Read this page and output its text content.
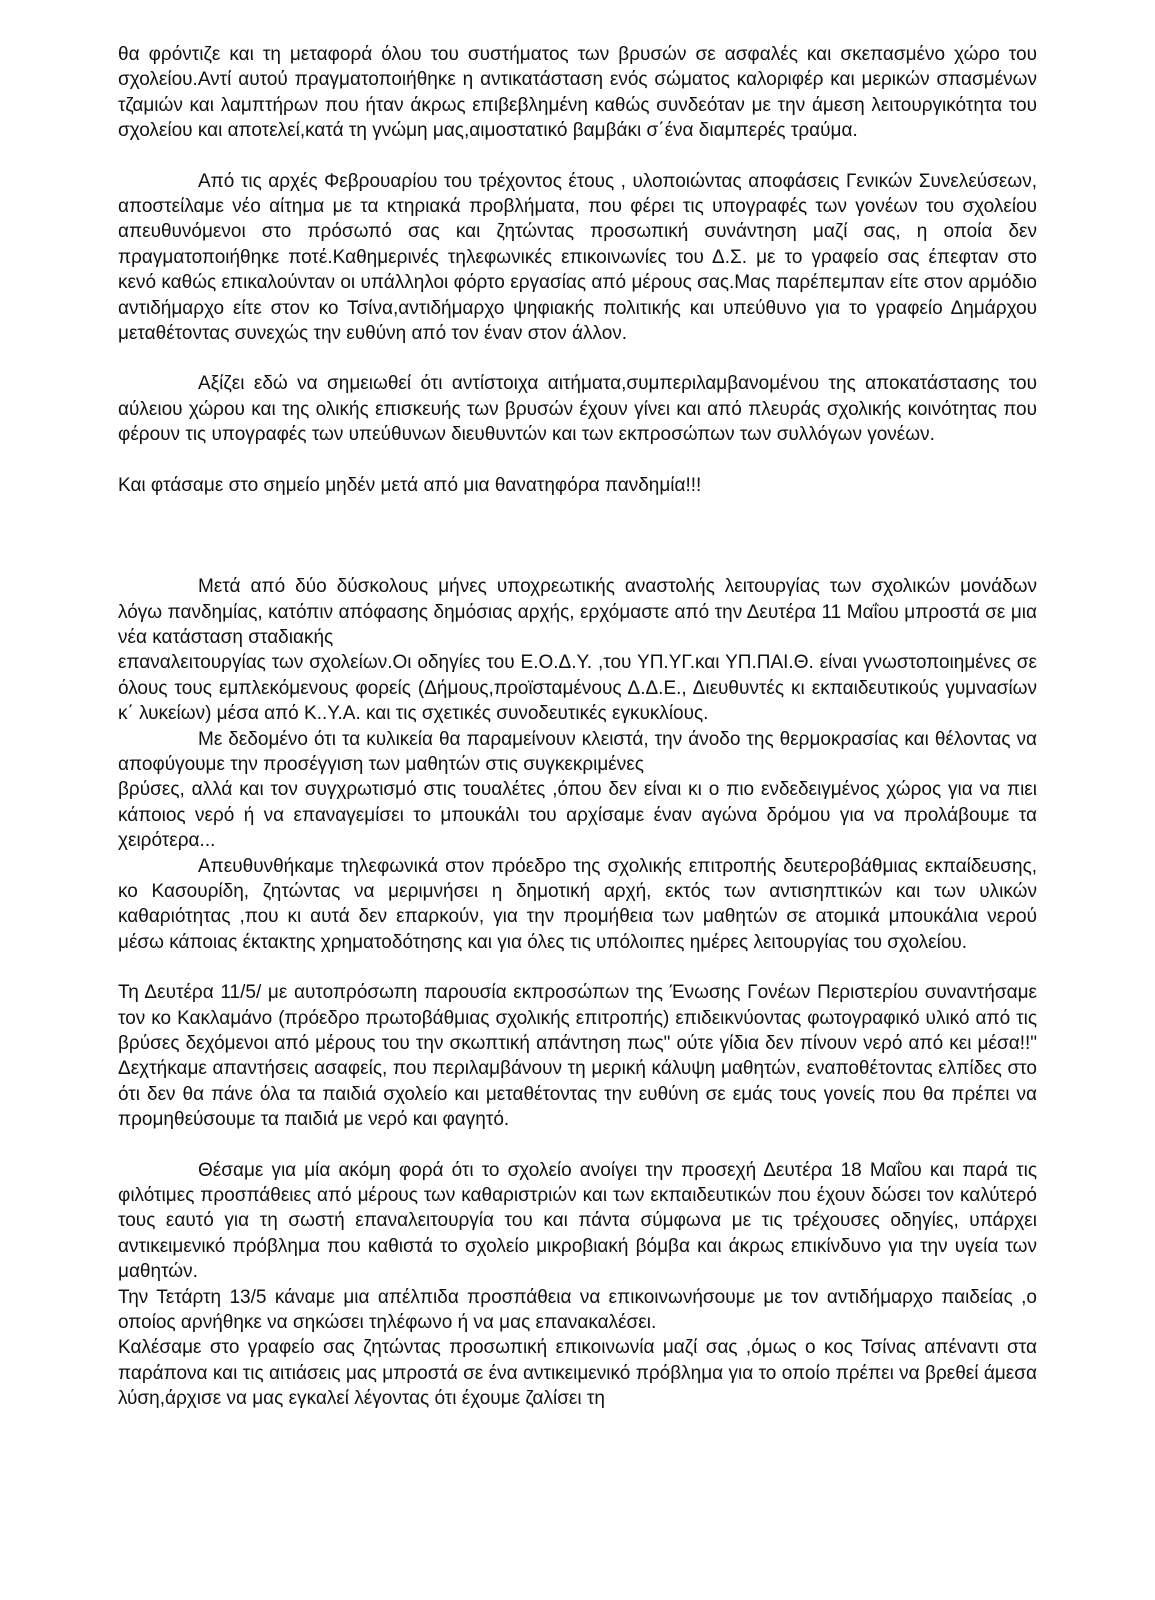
θα φρόντιζε και τη μεταφορά όλου του συστήματος των βρυσών σε ασφαλές και σκεπασμένο χώρο του σχολείου.Αντί αυτού πραγματοποιήθηκε η αντικατάσταση ενός σώματος καλοριφέρ και μερικών σπασμένων τζαμιών και λαμπτήρων που ήταν άκρως επιβεβλημένη καθώς συνδεόταν με την άμεση λειτουργικότητα του σχολείου και αποτελεί,κατά τη γνώμη μας,αιμοστατικό βαμβάκι σ΄ένα διαμπερές τραύμα.

Από τις αρχές Φεβρουαρίου του τρέχοντος έτους , υλοποιώντας αποφάσεις Γενικών Συνελεύσεων, αποστείλαμε νέο αίτημα με τα κτηριακά προβλήματα, που φέρει τις υπογραφές των γονέων του σχολείου απευθυνόμενοι στο πρόσωπό σας και ζητώντας προσωπική συνάντηση μαζί σας, η οποία δεν πραγματοποιήθηκε ποτέ.Καθημερινές τηλεφωνικές επικοινωνίες του Δ.Σ. με το γραφείο σας έπεφταν στο κενό καθώς επικαλούνταν οι υπάλληλοι φόρτο εργασίας από μέρους σας.Μας παρέπεμπαν είτε στον αρμόδιο αντιδήμαρχο είτε στον κο Τσίνα,αντιδήμαρχο ψηφιακής πολιτικής και υπεύθυνο για το γραφείο Δημάρχου μεταθέτοντας συνεχώς την ευθύνη από τον έναν στον άλλον.

Αξίζει εδώ να σημειωθεί ότι αντίστοιχα αιτήματα,συμπεριλαμβανομένου της αποκατάστασης του αύλειου χώρου και της ολικής επισκευής των βρυσών έχουν γίνει και από πλευράς σχολικής κοινότητας που φέρουν τις υπογραφές των υπεύθυνων διευθυντών και των εκπροσώπων των συλλόγων γονέων.

Και φτάσαμε στο σημείο μηδέν μετά από μια θανατηφόρα πανδημία!!!

Μετά από δύο δύσκολους μήνες υποχρεωτικής αναστολής λειτουργίας των σχολικών μονάδων λόγω πανδημίας, κατόπιν απόφασης δημόσιας αρχής, ερχόμαστε από την Δευτέρα 11 Μαΐου μπροστά σε μια νέα κατάσταση σταδιακής

επαναλειτουργίας των σχολείων.Οι οδηγίες του Ε.Ο.Δ.Υ. ,του ΥΠ.ΥΓ.και ΥΠ.ΠΑΙ.Θ. είναι γνωστοποιημένες σε όλους τους εμπλεκόμενους φορείς (Δήμους,προϊσταμένους Δ.Δ.Ε., Διευθυντές κι εκπαιδευτικούς γυμνασίων κ΄ λυκείων) μέσα από Κ..Υ.Α. και τις σχετικές συνοδευτικές εγκυκλίους.

Με δεδομένο ότι τα κυλικεία θα παραμείνουν κλειστά, την άνοδο της θερμοκρασίας και θέλοντας να αποφύγουμε την προσέγγιση των μαθητών στις συγκεκριμένες

βρύσες, αλλά και τον συγχρωτισμό στις τουαλέτες ,όπου δεν είναι κι ο πιο ενδεδειγμένος χώρος για να πιει κάποιος νερό ή να επαναγεμίσει το μπουκάλι του αρχίσαμε έναν αγώνα δρόμου για να προλάβουμε τα χειρότερα...

Απευθυνθήκαμε τηλεφωνικά στον πρόεδρο της σχολικής επιτροπής δευτεροβάθμιας εκπαίδευσης, κο Κασουρίδη, ζητώντας να μεριμνήσει η δημοτική αρχή, εκτός των αντισηπτικών και των υλικών καθαριότητας ,που κι αυτά δεν επαρκούν, για την προμήθεια των μαθητών σε ατομικά μπουκάλια νερού μέσω κάποιας έκτακτης χρηματοδότησης και για όλες τις υπόλοιπες ημέρες λειτουργίας του σχολείου.

Τη Δευτέρα 11/5/ με αυτοπρόσωπη παρουσία εκπροσώπων της Ένωσης Γονέων Περιστερίου συναντήσαμε τον κο Κακλαμάνο (πρόεδρο πρωτοβάθμιας σχολικής επιτροπής) επιδεικνύοντας φωτογραφικό υλικό από τις βρύσες δεχόμενοι από μέρους του την σκωπτική απάντηση πως" ούτε γίδια δεν πίνουν νερό από κει μέσα!!" Δεχτήκαμε απαντήσεις ασαφείς, που περιλαμβάνουν τη μερική κάλυψη μαθητών, εναποθέτοντας ελπίδες στο ότι δεν θα πάνε όλα τα παιδιά σχολείο και μεταθέτοντας την ευθύνη σε εμάς τους γονείς που θα πρέπει να προμηθεύσουμε τα παιδιά με νερό και φαγητό.

Θέσαμε για μία ακόμη φορά ότι το σχολείο ανοίγει την προσεχή Δευτέρα 18 Μαΐου και παρά τις φιλότιμες προσπάθειες από μέρους των καθαριστριών και των εκπαιδευτικών που έχουν δώσει τον καλύτερό τους εαυτό για τη σωστή επαναλειτουργία του και πάντα σύμφωνα με τις τρέχουσες οδηγίες, υπάρχει αντικειμενικό πρόβλημα που καθιστά το σχολείο μικροβιακή βόμβα και άκρως επικίνδυνο για την υγεία των μαθητών.

Την Τετάρτη 13/5 κάναμε μια απέλπιδα προσπάθεια να επικοινωνήσουμε με τον αντιδήμαρχο παιδείας ,ο οποίος αρνήθηκε να σηκώσει τηλέφωνο ή να μας επανακαλέσει.

Καλέσαμε στο γραφείο σας ζητώντας προσωπική επικοινωνία μαζί σας ,όμως ο κος Τσίνας απέναντι στα παράπονα και τις αιτιάσεις μας μπροστά σε ένα αντικειμενικό πρόβλημα για το οποίο πρέπει να βρεθεί άμεσα λύση,άρχισε να μας εγκαλεί λέγοντας ότι έχουμε ζαλίσει τη
